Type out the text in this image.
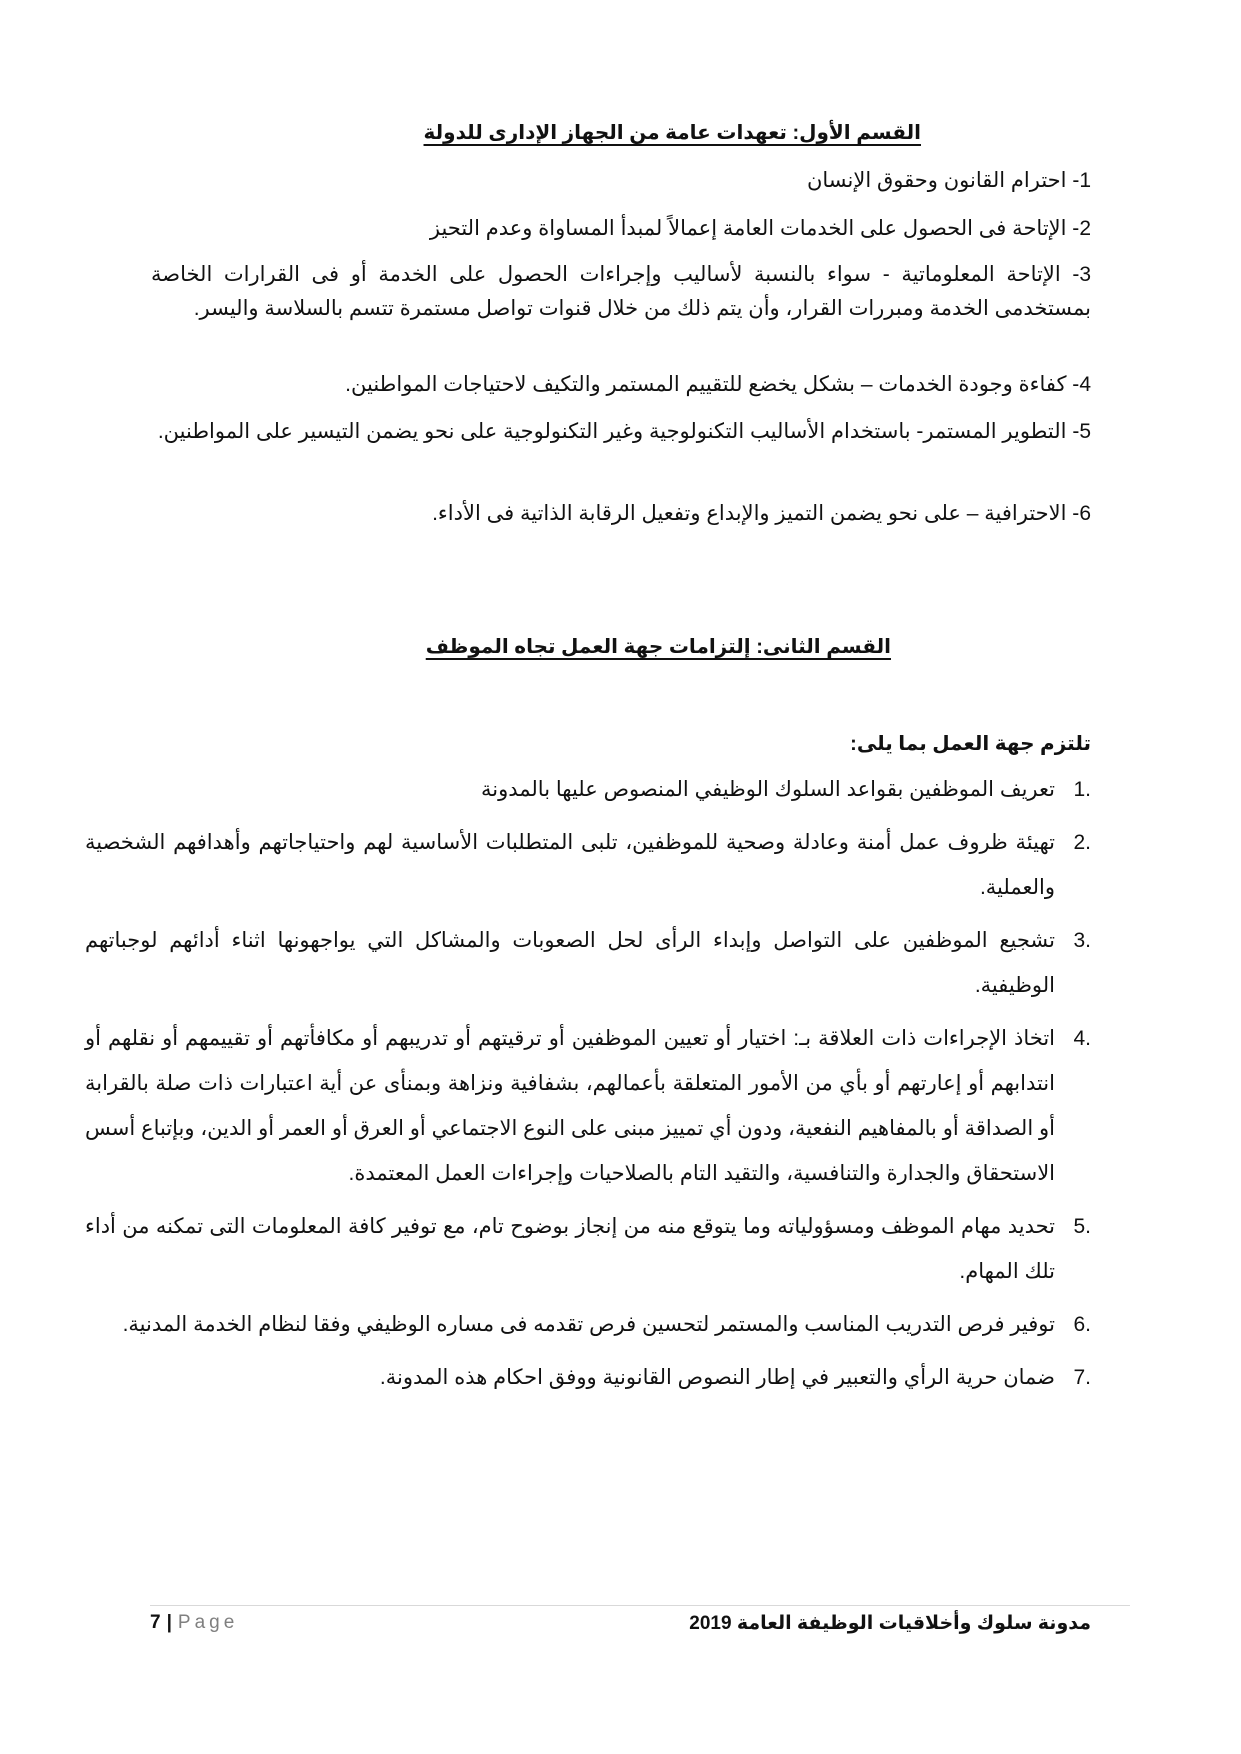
القسم الأول: تعهدات عامة من الجهاز الإدارى للدولة
1- احترام القانون وحقوق الإنسان
2- الإتاحة فى الحصول على الخدمات العامة إعمالاً لمبدأ المساواة وعدم التحيز
3- الإتاحة المعلوماتية - سواء بالنسبة لأساليب وإجراءات الحصول على الخدمة أو فى القرارات الخاصة بمستخدمى الخدمة ومبررات القرار، وأن يتم ذلك من خلال قنوات تواصل مستمرة تتسم بالسلاسة واليسر.
4- كفاءة وجودة الخدمات – بشكل يخضع للتقييم المستمر والتكيف لاحتياجات المواطنين.
5- التطوير المستمر- باستخدام الأساليب التكنولوجية وغير التكنولوجية على نحو يضمن التيسير على المواطنين.
6- الاحترافية – على نحو يضمن التميز والإبداع وتفعيل الرقابة الذاتية فى الأداء.
القسم الثانى: إلتزامات جهة العمل تجاه الموظف
تلتزم جهة العمل بما يلى:
1.
تعريف الموظفين بقواعد السلوك الوظيفي المنصوص عليها بالمدونة
2.
تهيئة ظروف عمل أمنة وعادلة وصحية للموظفين، تلبى المتطلبات الأساسية لهم واحتياجاتهم وأهدافهم الشخصية والعملية.
3.
تشجيع الموظفين على التواصل وإبداء الرأى لحل الصعوبات والمشاكل التي يواجهونها اثناء أدائهم لوجباتهم الوظيفية.
4.
اتخاذ الإجراءات ذات العلاقة بـ: اختيار أو تعيين الموظفين أو ترقيتهم أو تدريبهم أو مكافأتهم أو تقييمهم أو نقلهم أو انتدابهم أو إعارتهم أو بأي من الأمور المتعلقة بأعمالهم، بشفافية ونزاهة وبمنأى عن أية اعتبارات ذات صلة بالقرابة أو الصداقة أو بالمفاهيم النفعية، ودون أي تمييز مبنى على النوع الاجتماعي أو العرق أو العمر أو الدين، وبإتباع أسس الاستحقاق والجدارة والتنافسية، والتقيد التام بالصلاحيات وإجراءات العمل المعتمدة.
5.
تحديد مهام الموظف ومسؤولياته وما يتوقع منه من إنجاز بوضوح تام، مع توفير كافة المعلومات التى تمكنه من أداء تلك المهام.
6.
توفير فرص التدريب المناسب والمستمر لتحسين فرص تقدمه فى مساره الوظيفي وفقا لنظام الخدمة المدنية.
7.
ضمان حرية الرأي والتعبير في إطار النصوص القانونية ووفق احكام هذه المدونة.
7 | Page	مدونة سلوك وأخلاقيات الوظيفة العامة 2019
